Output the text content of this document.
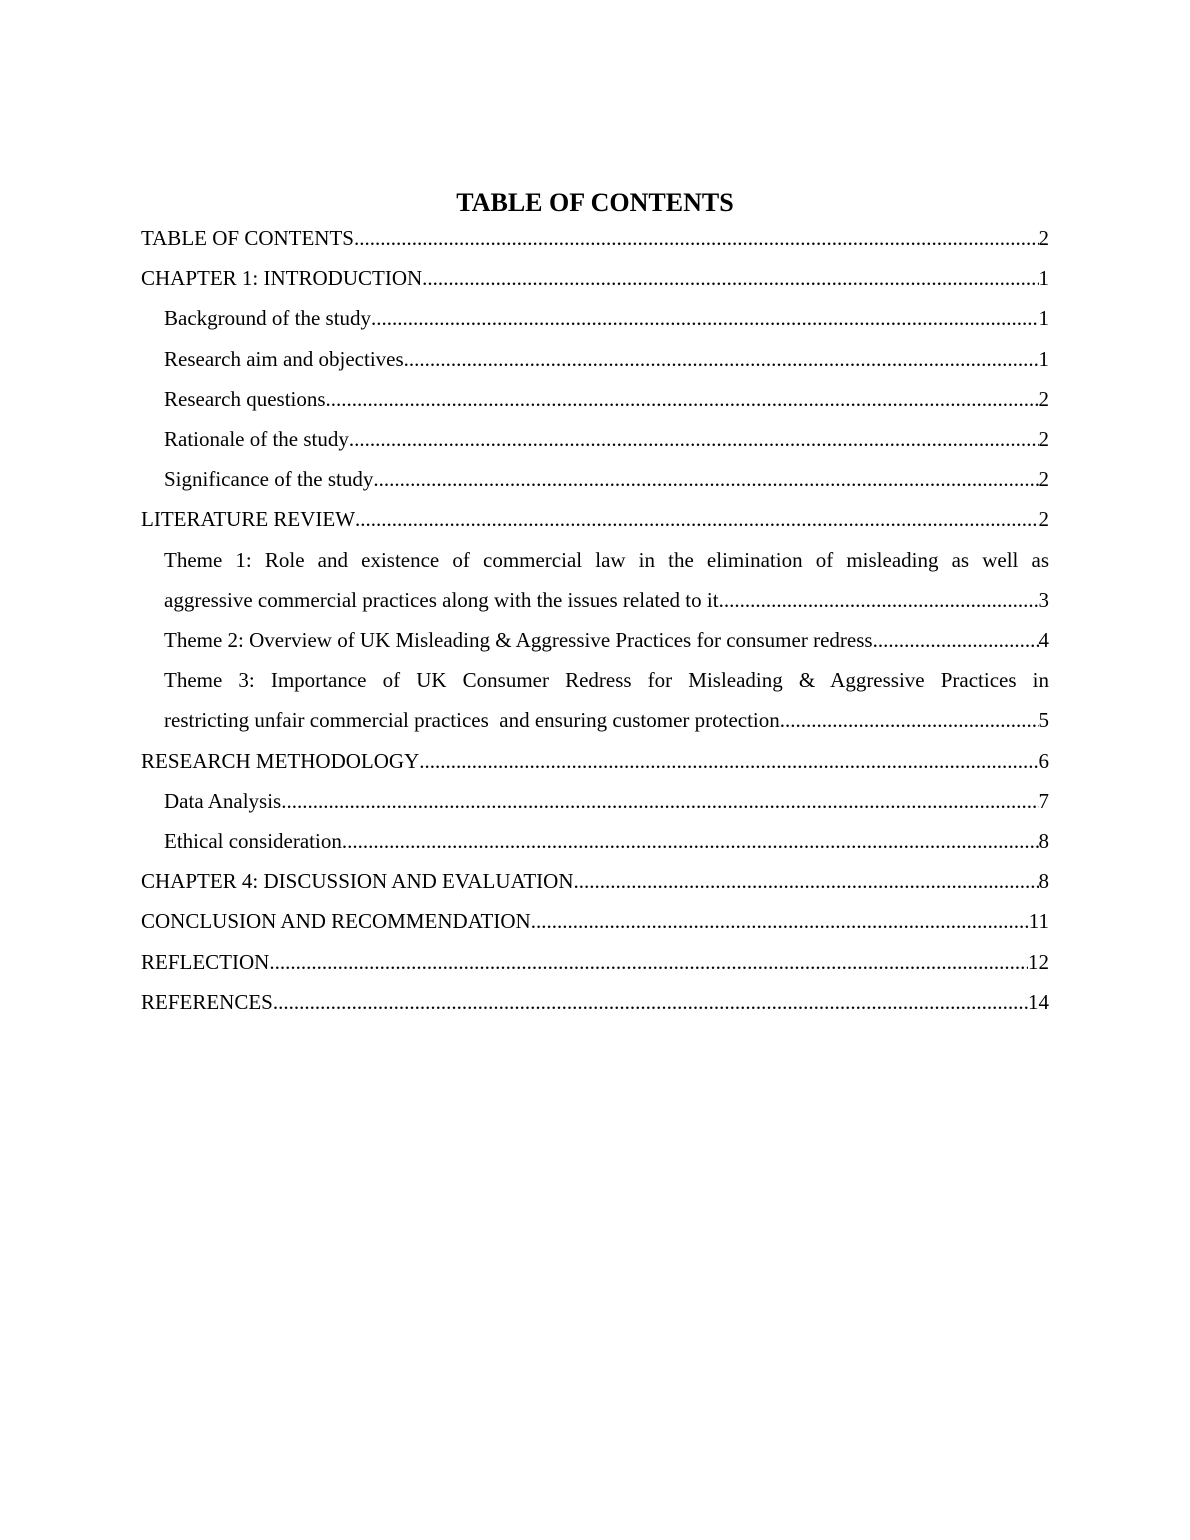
TABLE OF CONTENTS
TABLE OF CONTENTS .....	2
CHAPTER 1: INTRODUCTION .....	1
Background of the study .....	1
Research aim and objectives .....	1
Research questions .....	2
Rationale of the study .....	2
Significance of the study .....	2
LITERATURE REVIEW .....	2
Theme 1: Role and existence of commercial law in the elimination of misleading as well as
aggressive commercial practices along with the issues related to it .....	3
Theme 2: Overview of UK Misleading & Aggressive Practices for consumer redress .....	4
Theme 3: Importance of UK Consumer Redress for Misleading & Aggressive Practices in
restricting unfair commercial practices  and ensuring customer protection .....	5
RESEARCH METHODOLOGY .....	6
Data Analysis .....	7
Ethical consideration .....	8
CHAPTER 4: DISCUSSION AND EVALUATION .....	8
CONCLUSION AND RECOMMENDATION .....	11
REFLECTION .....	12
REFERENCES .....	14
